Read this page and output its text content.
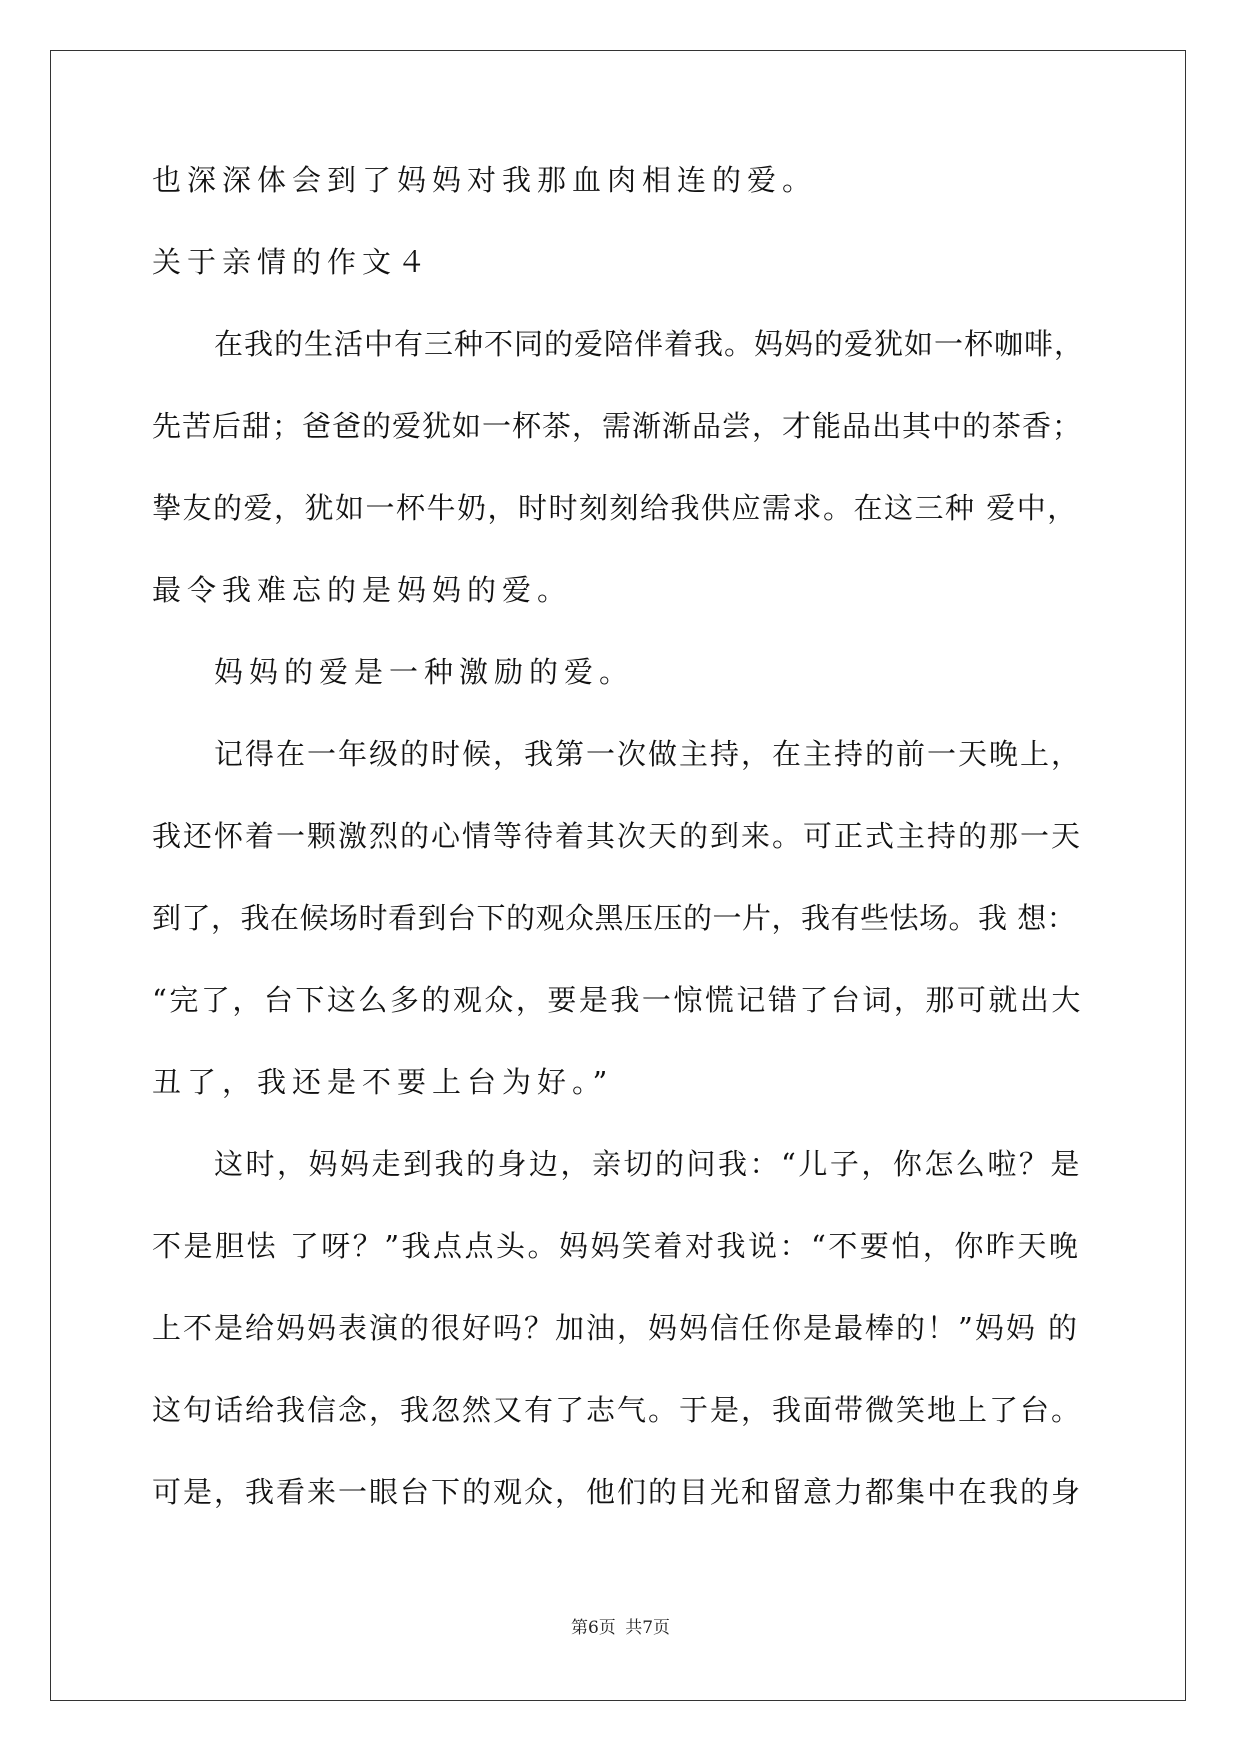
也深深体会到了妈妈对我那血肉相连的爱。
关于亲情的作文４
在我的生活中有三种不同的爱陪伴着我。妈妈的爱犹如一杯咖啡，
先苦后甜；爸爸的爱犹如一杯茶，需渐渐品尝，才能品出其中的茶香；
挚友的爱，犹如一杯牛奶，时时刻刻给我供应需求。在这三种 爱中，
最令我难忘的是妈妈的爱。
妈妈的爱是一种激励的爱。
记得在一年级的时候，我第一次做主持，在主持的前一天晚上，
我还怀着一颗激烈的心情等待着其次天的到来。可正式主持的那一天
到了，我在候场时看到台下的观众黑压压的一片，我有些怯场。我 想：
“完了，台下这么多的观众，要是我一惊慌记错了台词，那可就出大
丑了，我还是不要上台为好。”
这时，妈妈走到我的身边，亲切的问我：“儿子，你怎么啦？是
不是胆怯 了呀？”我点点头。妈妈笑着对我说：“不要怕，你昨天晚
上不是给妈妈表演的很好吗？加油，妈妈信任你是最棒的！”妈妈 的
这句话给我信念，我忽然又有了志气。于是，我面带微笑地上了台。
可是，我看来一眼台下的观众，他们的目光和留意力都集中在我的身
第6页 共7页
